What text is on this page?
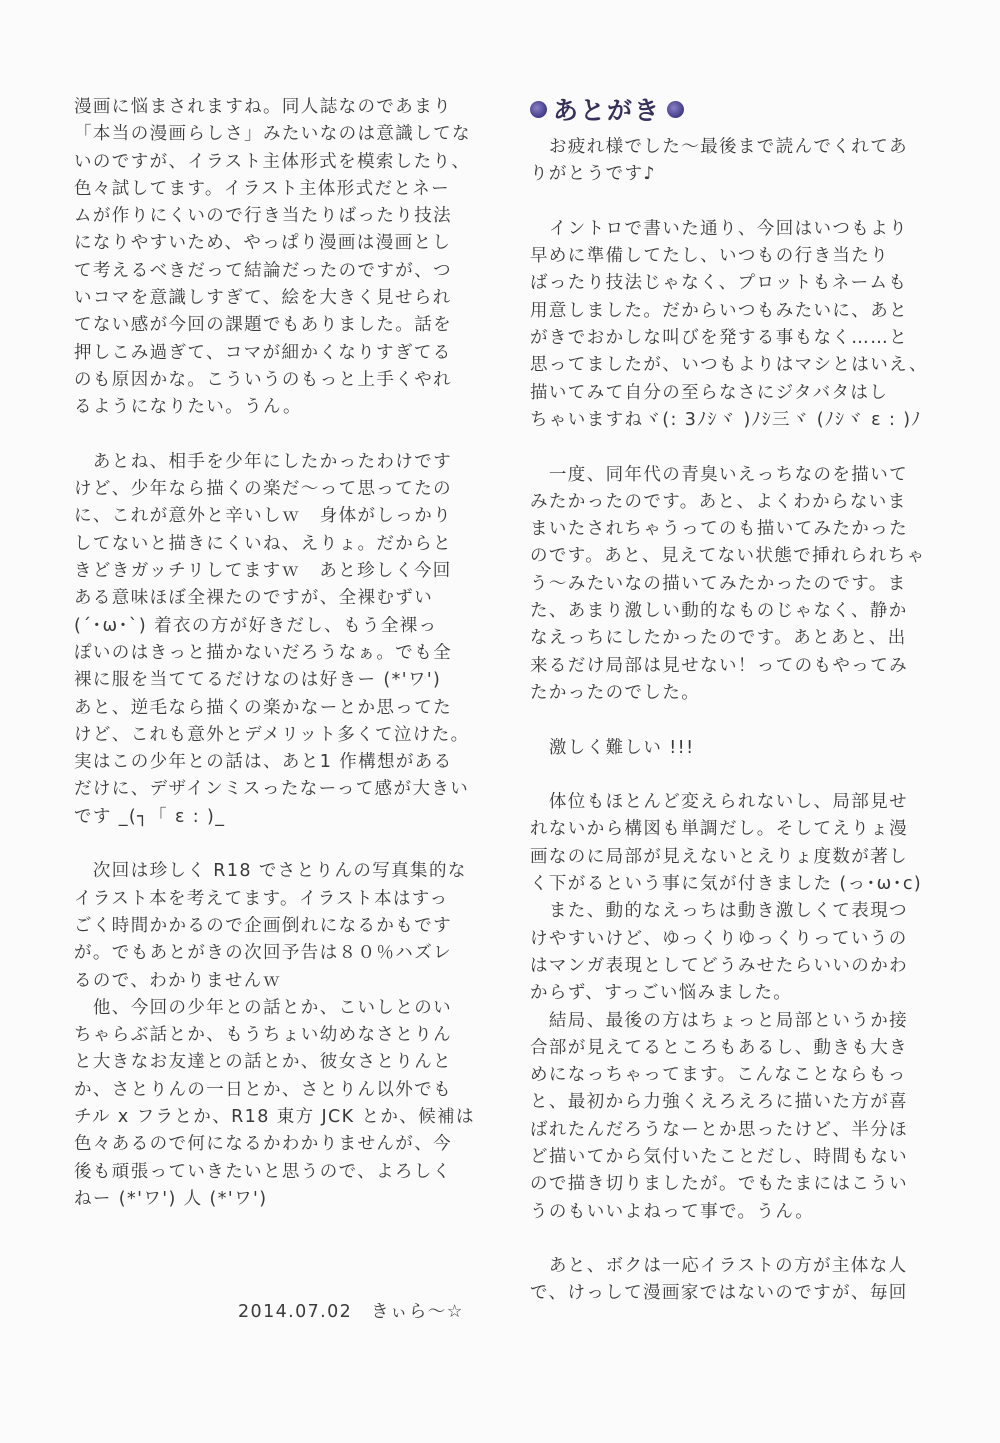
漫画に悩まされますね。同人誌なのであまり
「本当の漫画らしさ」みたいなのは意識してな
いのですが、イラスト主体形式を模索したり、
色々試してます。イラスト主体形式だとネー
ムが作りにくいので行き当たりばったり技法
になりやすいため、やっぱり漫画は漫画とし
て考えるべきだって結論だったのですが、つ
いコマを意識しすぎて、絵を大きく見せられ
てない感が今回の課題でもありました。話を
押しこみ過ぎて、コマが細かくなりすぎてる
のも原因かな。こういうのもっと上手くやれ
るようになりたい。うん。
　あとね、相手を少年にしたかったわけです
けど、少年なら描くの楽だ〜って思ってたの
に、これが意外と辛いしｗ　身体がしっかり
してないと描きにくいね、えりょ。だからと
きどきガッチリしてますｗ　あと珍しく今回
ある意味ほぼ全裸たのですが、全裸むずい
(´･ω･`) 着衣の方が好きだし、もう全裸っ
ぽいのはきっと描かないだろうなぁ。でも全
裸に服を当ててるだけなのは好きー (*'ワ')
あと、逆毛なら描くの楽かなーとか思ってた
けど、これも意外とデメリット多くて泣けた。
実はこの少年との話は、あと1 作構想がある
だけに、デザインミスったなーって感が大きい
です _(┐「 ε : )_
　次回は珍しく R18 でさとりんの写真集的な
イラスト本を考えてます。イラスト本はすっ
ごく時間かかるので企画倒れになるかもです
が。でもあとがきの次回予告は８０％ハズレ
るので、わかりませんｗ
　他、今回の少年との話とか、こいしとのい
ちゃらぶ話とか、もうちょい幼めなさとりん
と大きなお友達との話とか、彼女さとりんと
か、さとりんの一日とか、さとりん以外でも
チル x フラとか、R18 東方 JCK とか、候補は
色々あるので何になるかわかりませんが、今
後も頑張っていきたいと思うので、よろしく
ねー (*'ワ') 人 (*'ワ')
2014.07.02　きぃら〜☆
あとがき
　お疲れ様でした〜最後まで読んでくれてあ
りがとうです♪
　イントロで書いた通り、今回はいつもより
早めに準備してたし、いつもの行き当たり
ばったり技法じゃなく、プロットもネームも
用意しました。だからいつもみたいに、あと
がきでおかしな叫びを発する事もなく……と
思ってましたが、いつもよりはマシとはいえ、
描いてみて自分の至らなさにジタバタはし
ちゃいますねヾ(: 3ﾉｼヾ )ﾉｼ三ヾ (ﾉｼヾ ε : )ﾉ
　一度、同年代の青臭いえっちなのを描いて
みたかったのです。あと、よくわからないま
まいたされちゃうってのも描いてみたかった
のです。あと、見えてない状態で挿れられちゃ
う〜みたいなの描いてみたかったのです。ま
た、あまり激しい動的なものじゃなく、静か
なえっちにしたかったのです。あとあと、出
来るだけ局部は見せない！ってのもやってみ
たかったのでした。
　激しく難しい !!!
　体位もほとんど変えられないし、局部見せ
れないから構図も単調だし。そしてえりょ漫
画なのに局部が見えないとえりょ度数が著し
く下がるという事に気が付きました (っ･ω･c)
　また、動的なえっちは動き激しくて表現つ
けやすいけど、ゆっくりゆっくりっていうの
はマンガ表現としてどうみせたらいいのかわ
からず、すっごい悩みました。
　結局、最後の方はちょっと局部というか接
合部が見えてるところもあるし、動きも大き
めになっちゃってます。こんなことならもっ
と、最初から力強くえろえろに描いた方が喜
ばれたんだろうなーとか思ったけど、半分ほ
ど描いてから気付いたことだし、時間もない
ので描き切りましたが。でもたまにはこうい
うのもいいよねって事で。うん。
　あと、ボクは一応イラストの方が主体な人
で、けっして漫画家ではないのですが、毎回
